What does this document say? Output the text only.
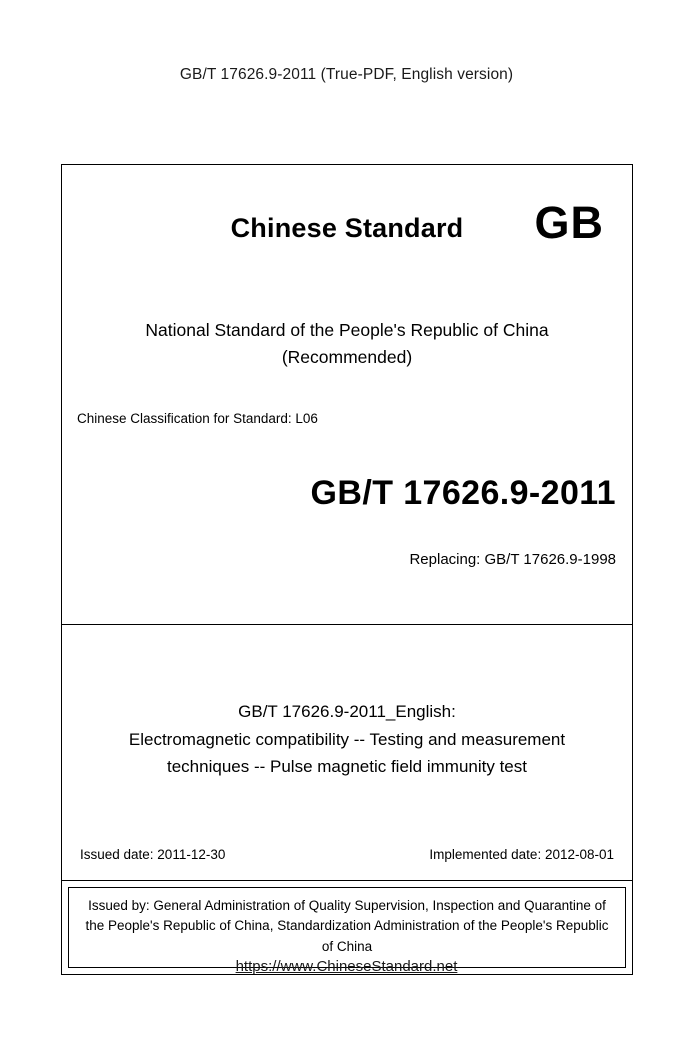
GB/T 17626.9-2011 (True-PDF, English version)
Chinese Standard	GB
National Standard of the People's Republic of China
(Recommended)
Chinese Classification for Standard: L06
GB/T 17626.9-2011
Replacing: GB/T 17626.9-1998
GB/T 17626.9-2011_English:
Electromagnetic compatibility -- Testing and measurement
techniques -- Pulse magnetic field immunity test
Issued date: 2011-12-30	Implemented date: 2012-08-01
Issued by: General Administration of Quality Supervision, Inspection and Quarantine of the People's Republic of China, Standardization Administration of the People's Republic of China
https://www.ChineseStandard.net
